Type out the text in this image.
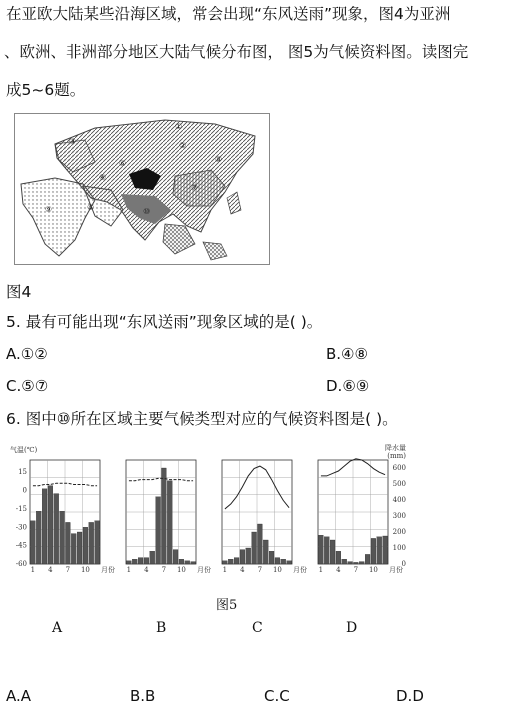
在亚欧大陆某些沿海区域，常会出现“东风送雨”现象，图4为亚洲
、欧洲、非洲部分地区大陆气候分布图， 图5为气候资料图。读图完
成5~6题。
①
②
③
④
⑤
⑥
⑦
⑧
⑨	⑩
图4
5. 最有可能出现“东风送雨”现象区域的是( )。
A.①②	B.④⑧
C.⑤⑦	D.⑥⑨
6. 图中⑩所在区域主要气候类型对应的气候资料图是( )。
气温(℃)	降水量
(mm)
15
0
-15
-30
-45
-60
600
500
400
300
200
100
0
1 4 7 10 月份 1 4 7 10 月份 1 4 7 10 月份 1 4 7 10 月份
A	B	C	D
图5
A.A	B.B	C.C	D.D
